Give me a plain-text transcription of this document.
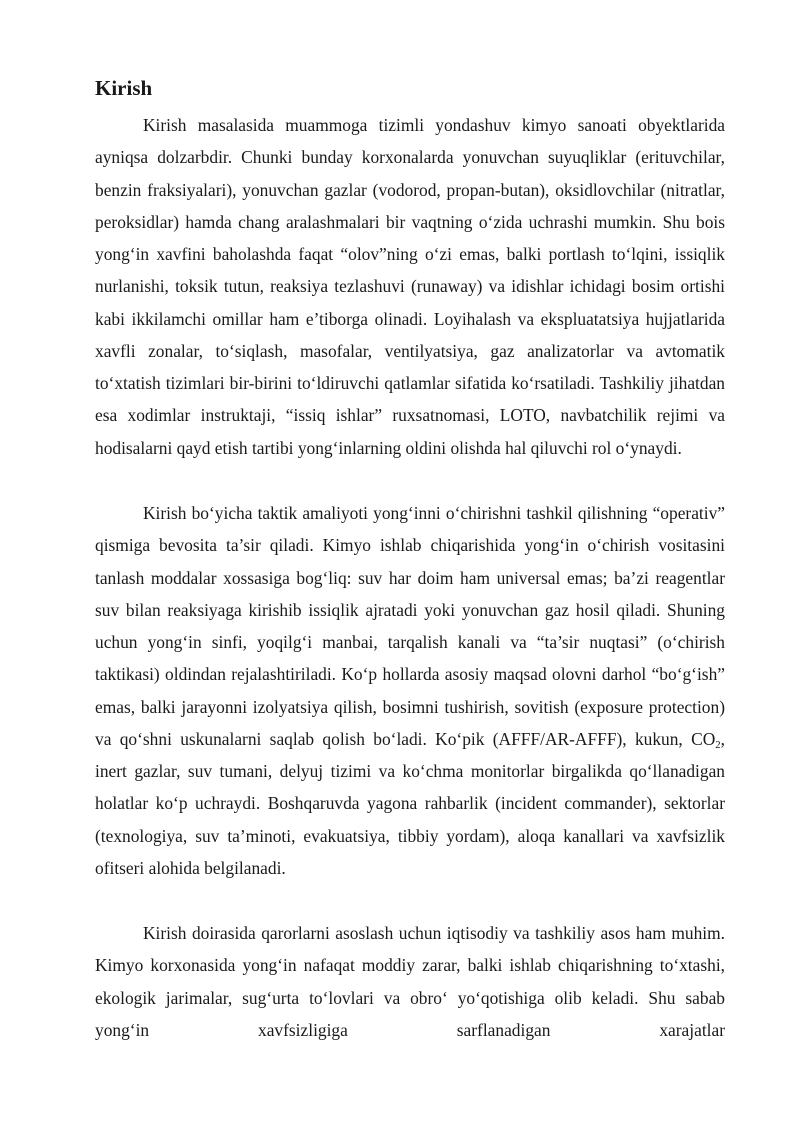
Kirish

Kirish masalasida muammoga tizimli yondashuv kimyo sanoati obyektlarida ayniqsa dolzarbdir. Chunki bunday korxonalarda yonuvchan suyuqliklar (erituvchilar, benzin fraksiyalari), yonuvchan gazlar (vodorod, propan-butan), oksidlovchilar (nitratlar, peroksidlar) hamda chang aralashmalari bir vaqtning o‘zida uchrashi mumkin. Shu bois yong‘in xavfini baholashda faqat “olov”ning o‘zi emas, balki portlash to‘lqini, issiqlik nurlanishi, toksik tutun, reaksiya tezlashuvi (runaway) va idishlar ichidagi bosim ortishi kabi ikkilamchi omillar ham e’tiborga olinadi. Loyihalash va ekspluatatsiya hujjatlarida xavfli zonalar, to‘siqlash, masofalar, ventilyatsiya, gaz analizatorlar va avtomatik to‘xtatish tizimlari bir-birini to‘ldiruvchi qatlamlar sifatida ko‘rsatiladi. Tashkiliy jihatdan esa xodimlar instruktaji, “issiq ishlar” ruxsatnomasi, LOTO, navbatchilik rejimi va hodisalarni qayd etish tartibi yong‘inlarning oldini olishda hal qiluvchi rol o‘ynaydi.

Kirish bo‘yicha taktik amaliyoti yong‘inni o‘chirishni tashkil qilishning “operativ” qismiga bevosita ta’sir qiladi. Kimyo ishlab chiqarishida yong‘in o‘chirish vositasini tanlash moddalar xossasiga bog‘liq: suv har doim ham universal emas; ba’zi reagentlar suv bilan reaksiyaga kirishib issiqlik ajratadi yoki yonuvchan gaz hosil qiladi. Shuning uchun yong‘in sinfi, yoqilg‘i manbai, tarqalish kanali va “ta’sir nuqtasi” (o‘chirish taktikasi) oldindan rejalashtiriladi. Ko‘p hollarda asosiy maqsad olovni darhol “bo‘g‘ish” emas, balki jarayonni izolyatsiya qilish, bosimni tushirish, sovitish (exposure protection) va qo‘shni uskunalarni saqlab qolish bo‘ladi. Ko‘pik (AFFF/AR-AFFF), kukun, $CO_2$, inert gazlar, suv tumani, delyuj tizimi va ko‘chma monitorlar birgalikda qo‘llanadigan holatlar ko‘p uchraydi. Boshqaruvda yagona rahbarlik (incident commander), sektorlar (texnologiya, suv ta’minoti, evakuatsiya, tibbiy yordam), aloqa kanallari va xavfsizlik ofitseri alohida belgilanadi.

Kirish doirasida qarorlarni asoslash uchun iqtisodiy va tashkiliy asos ham muhim. Kimyo korxonasida yong‘in nafaqat moddiy zarar, balki ishlab chiqarishning to‘xtashi, ekologik jarimalar, sug‘urta to‘lovlari va obro‘ yo‘qotishiga olib keladi. Shu sabab yong‘in xavfsizligiga sarflanadigan xarajatlar
